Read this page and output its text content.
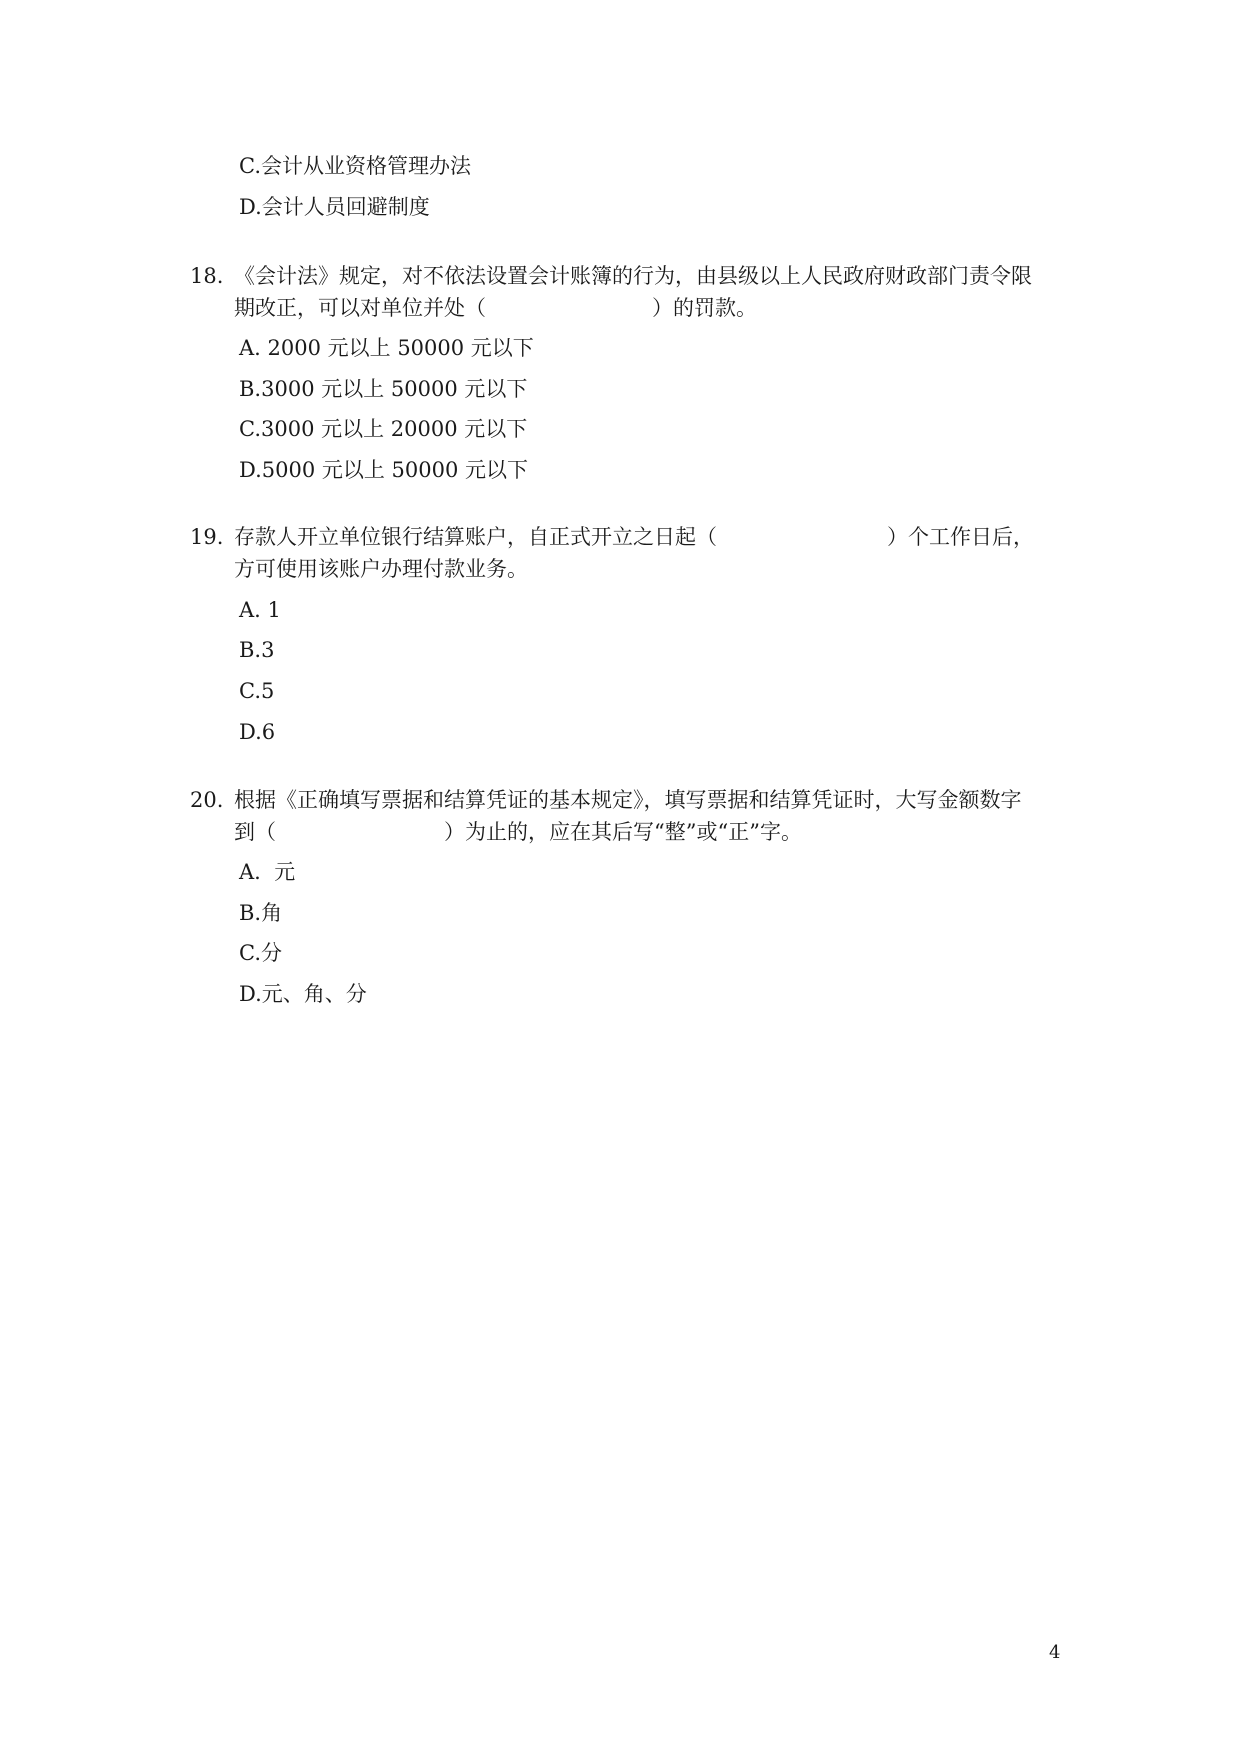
C.会计从业资格管理办法
D.会计人员回避制度
18. 《会计法》规定，对不依法设置会计账簿的行为，由县级以上人民政府财政部门责令限
期改正，可以对单位并处（	）的罚款。
A. 2000 元以上 50000 元以下
B.3000 元以上 50000 元以下
C.3000 元以上 20000 元以下
D.5000 元以上 50000 元以下
19. 存款人开立单位银行结算账户，自正式开立之日起（	）个工作日后，
方可使用该账户办理付款业务。
A. 1
B.3
C.5
D.6
20. 根据《正确填写票据和结算凭证的基本规定》，填写票据和结算凭证时，大写金额数字
到（	）为止的，应在其后写“整”或“正”字。
A.  元
B.角
C.分
D.元、角、分
4
